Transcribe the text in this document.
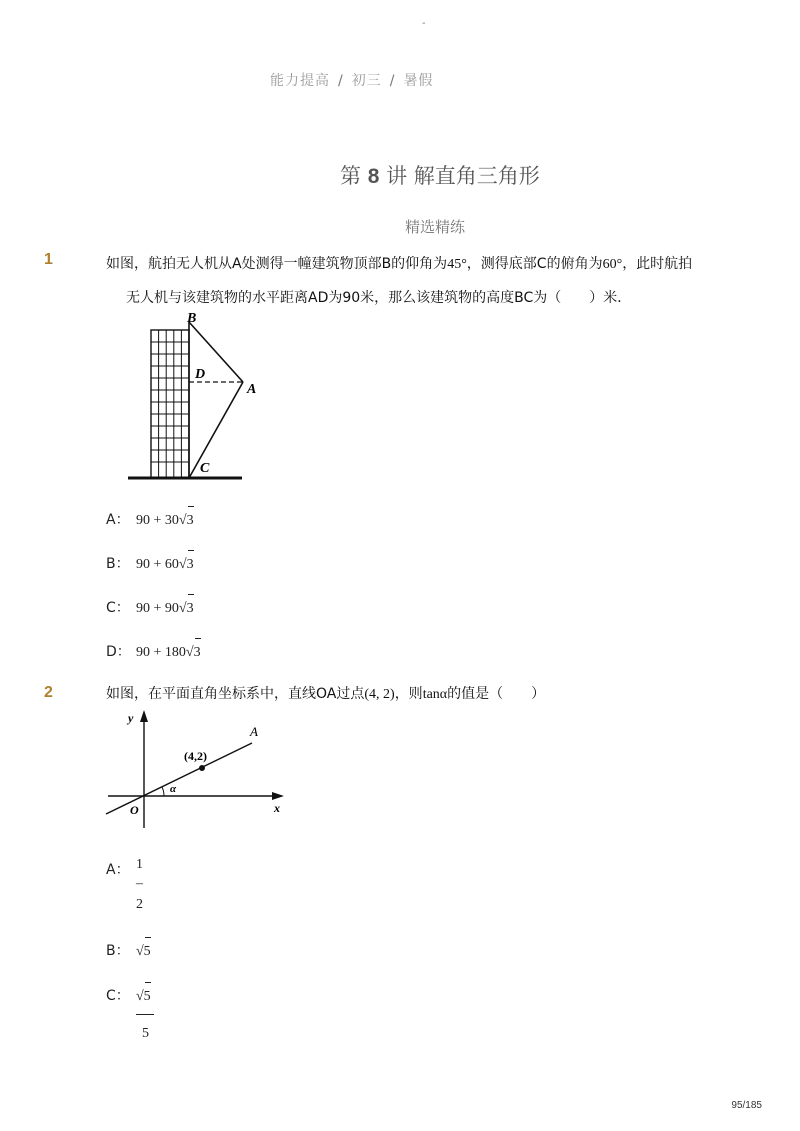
-
能力提高 / 初三 / 暑假
第 8 讲 解直角三角形
精选精练
1	如图，航拍无人机从A处测得一幢建筑物顶部B的仰角为45°，测得底部C的俯角为60°，此时航拍
无人机与该建筑物的水平距离AD为90米，那么该建筑物的高度BC为（　　）米．
B
D
A
C
A： 90 + 30√3
B： 90 + 60√3
C： 90 + 90√3
D： 90 + 180√3
2	如图，在平面直角坐标系中，直线OA过点(4, 2)，则tanα的值是（　　）
y
x
O
A
(4,2)
α
A： 1
–
2
B： √5
C： √5
5
95/185
